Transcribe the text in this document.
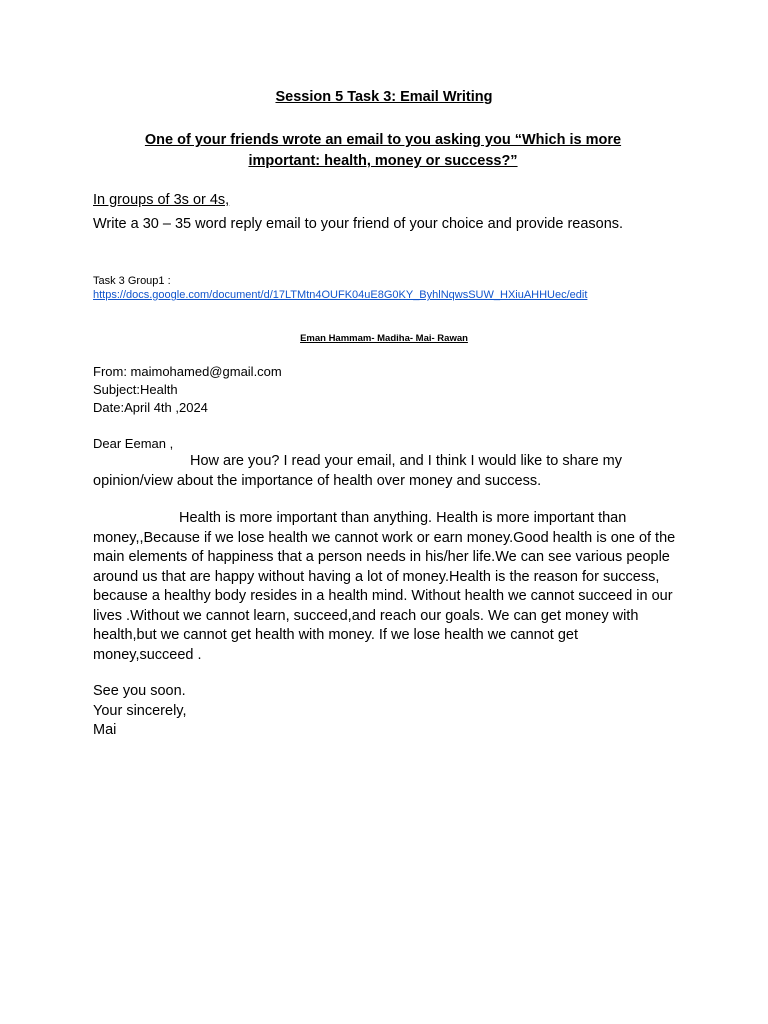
Session 5 Task 3: Email Writing
One of your friends wrote an email to you asking you “Which is more important: health, money or success?”
In groups of 3s or 4s,
Write a 30 – 35 word reply email to your friend of your choice and provide reasons.
Task 3 Group1 :
https://docs.google.com/document/d/17LTMtn4OUFK04uE8G0KY_ByhlNqwsSUW_HXiuAHHUec/edit
Eman Hammam- Madiha- Mai- Rawan
From: maimohamed@gmail.com
Subject:Health
Date:April 4th ,2024
Dear Eeman ,
How are you? I read your email, and I think I would like to share my opinion/view about the importance of health over money and success.
Health is more important than anything. Health is more important than money,,Because if we lose health we cannot work or earn money.Good health is one of the main elements of happiness that a person needs in his/her life.We can see various people around us that are happy without having a lot of money.Health is the reason for success, because a healthy body resides in a health mind. Without health we cannot succeed in our lives .Without we cannot learn, succeed,and reach our goals. We can get money with health,but we cannot get health with money. If we lose health we cannot get money,succeed .
See you soon.
Your sincerely,
Mai
